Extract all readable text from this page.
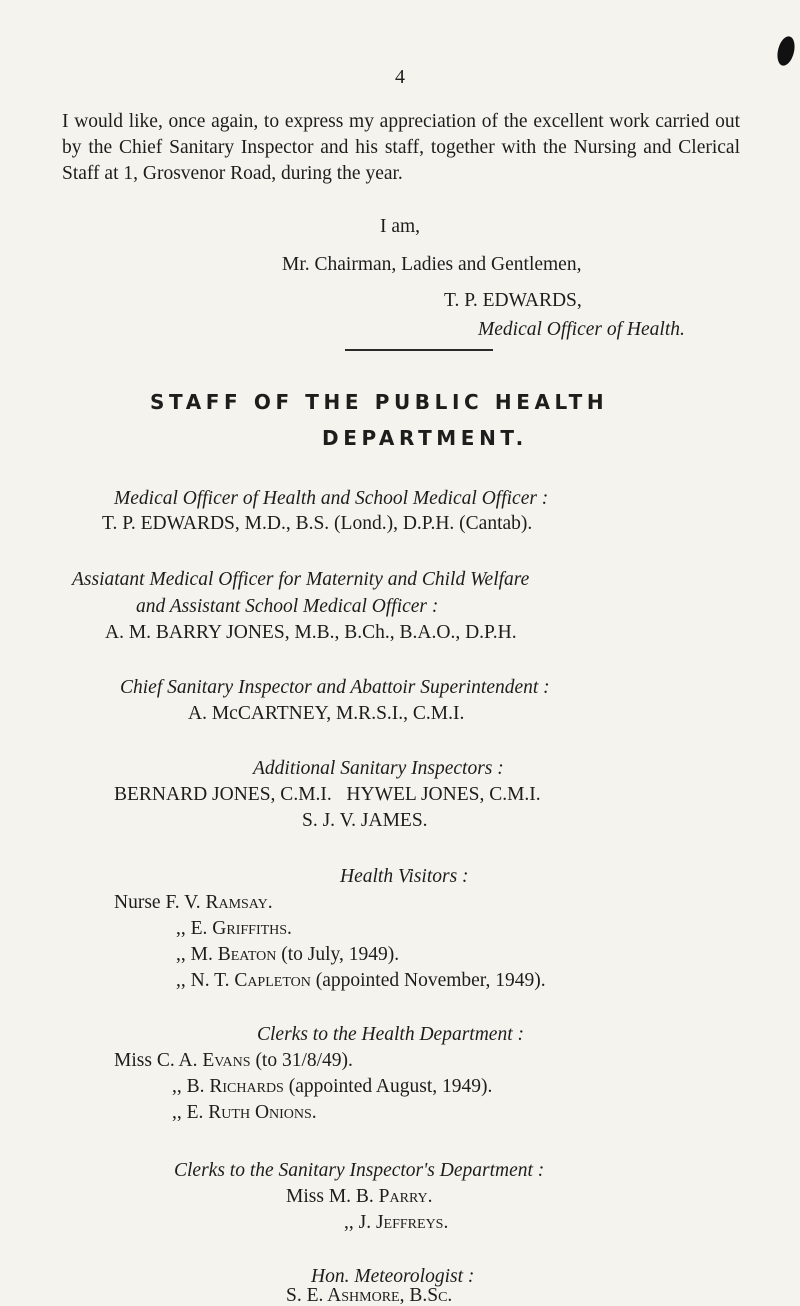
4
I would like, once again, to express my appreciation of the excellent work carried out by the Chief Sanitary Inspector and his staff, together with the Nursing and Clerical Staff at 1, Grosvenor Road, during the year.
I am,
Mr. Chairman, Ladies and Gentlemen,
T. P. EDWARDS,
Medical Officer of Health.
STAFF OF THE PUBLIC HEALTH
DEPARTMENT.
Medical Officer of Health and School Medical Officer :
T. P. EDWARDS, M.D., B.S. (Lond.), D.P.H. (Cantab).
Assiatant Medical Officer for Maternity and Child Welfare
and Assistant School Medical Officer :
A. M. BARRY JONES, M.B., B.Ch., B.A.O., D.P.H.
Chief Sanitary Inspector and Abattoir Superintendent :
A. McCARTNEY, M.R.S.I., C.M.I.
Additional Sanitary Inspectors :
BERNARD JONES, C.M.I.   HYWEL JONES, C.M.I.
S. J. V. JAMES.
Health Visitors :
Nurse F. V. Ramsay.
,, E. Griffiths.
,, M. Beaton (to July, 1949).
,, N. T. Capleton (appointed November, 1949).
Clerks to the Health Department :
Miss C. A. Evans (to 31/8/49).
,, B. Richards (appointed August, 1949).
,, E. Ruth Onions.
Clerks to the Sanitary Inspector's Department :
Miss M. B. Parry.
,, J. Jeffreys.
Hon. Meteorologist :
S. E. Ashmore, B.Sc.
